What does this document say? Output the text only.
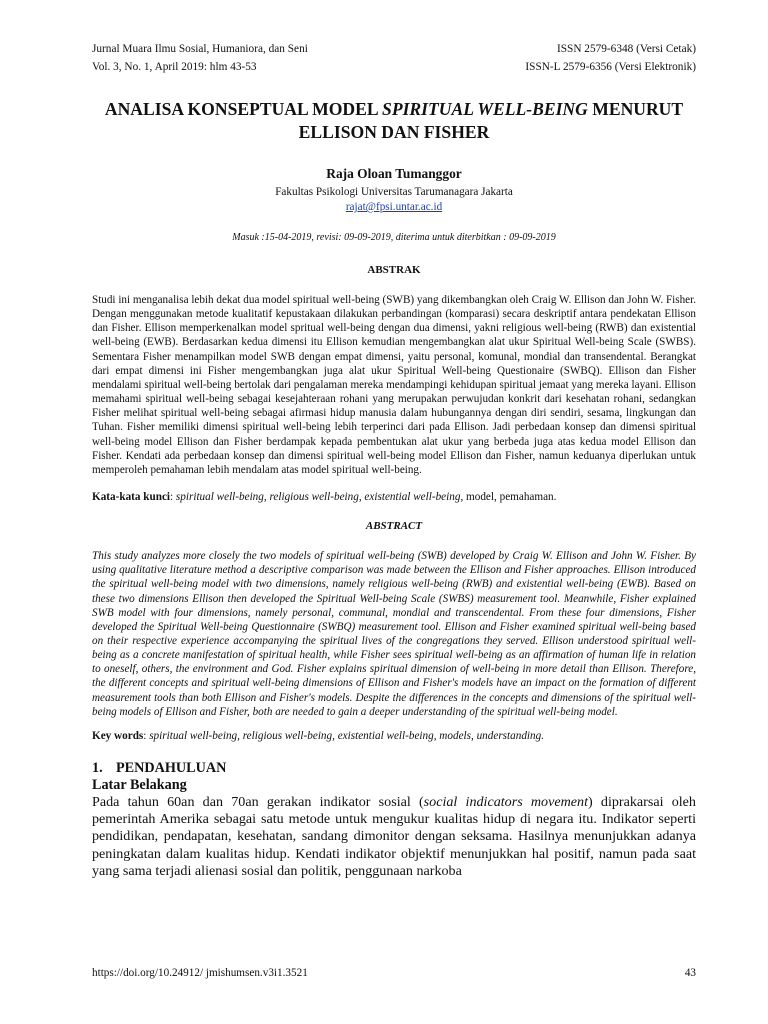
Jurnal Muara Ilmu Sosial, Humaniora, dan Seni	ISSN 2579-6348 (Versi Cetak)
Vol. 3, No. 1, April 2019: hlm 43-53	ISSN-L 2579-6356 (Versi Elektronik)
ANALISA KONSEPTUAL MODEL SPIRITUAL WELL-BEING MENURUT
ELLISON DAN FISHER
Raja Oloan Tumanggor
Fakultas Psikologi Universitas Tarumanagara Jakarta
rajat@fpsi.untar.ac.id
Masuk :15-04-2019, revisi: 09-09-2019, diterima untuk diterbitkan : 09-09-2019
ABSTRAK
Studi ini menganalisa lebih dekat dua model spiritual well-being (SWB) yang dikembangkan oleh Craig W. Ellison dan John W. Fisher. Dengan menggunakan metode kualitatif kepustakaan dilakukan perbandingan (komparasi) secara deskriptif antara pendekatan Ellison dan Fisher. Ellison memperkenalkan model spritual well-being dengan dua dimensi, yakni religious well-being (RWB) dan existential well-being (EWB). Berdasarkan kedua dimensi itu Ellison kemudian mengembangkan alat ukur Spiritual Well-being Scale (SWBS). Sementara Fisher menampilkan model SWB dengan empat dimensi, yaitu personal, komunal, mondial dan transendental. Berangkat dari empat dimensi ini Fisher mengembangkan juga alat ukur Spiritual Well-being Questionaire (SWBQ). Ellison dan Fisher mendalami spiritual well-being bertolak dari pengalaman mereka mendampingi kehidupan spiritual jemaat yang mereka layani. Ellison memahami spiritual well-being sebagai kesejahteraan rohani yang merupakan perwujudan konkrit dari kesehatan rohani, sedangkan Fisher melihat spiritual well-being sebagai afirmasi hidup manusia dalam hubungannya dengan diri sendiri, sesama, lingkungan dan Tuhan. Fisher memiliki dimensi spiritual well-being lebih terperinci dari pada Ellison. Jadi perbedaan konsep dan dimensi spiritual well-being model Ellison dan Fisher berdampak kepada pembentukan alat ukur yang berbeda juga atas kedua model Ellison dan Fisher. Kendati ada perbedaan konsep dan dimensi spiritual well-being model Ellison dan Fisher, namun keduanya diperlukan untuk memperoleh pemahaman lebih mendalam atas model spiritual well-being.
Kata-kata kunci: spiritual well-being, religious well-being, existential well-being, model, pemahaman.
ABSTRACT
This study analyzes more closely the two models of spiritual well-being (SWB) developed by Craig W. Ellison and John W. Fisher. By using qualitative literature method a descriptive comparison was made between the Ellison and Fisher approaches. Ellison introduced the spiritual well-being model with two dimensions, namely religious well-being (RWB) and existential well-being (EWB). Based on these two dimensions Ellison then developed the Spiritual Well-being Scale (SWBS) measurement tool. Meanwhile, Fisher explained SWB model with four dimensions, namely personal, communal, mondial and transcendental. From these four dimensions, Fisher developed the Spiritual Well-being Questionnaire (SWBQ) measurement tool. Ellison and Fisher examined spiritual well-being based on their respective experience accompanying the spiritual lives of the congregations they served. Ellison understood spiritual well-being as a concrete manifestation of spiritual health, while Fisher sees spiritual well-being as an affirmation of human life in relation to oneself, others, the environment and God. Fisher explains spiritual dimension of well-being in more detail than Ellison. Therefore, the different concepts and spiritual well-being dimensions of Ellison and Fisher's models have an impact on the formation of different measurement tools than both Ellison and Fisher's models. Despite the differences in the concepts and dimensions of the spiritual well-being models of Ellison and Fisher, both are needed to gain a deeper understanding of the spiritual well-being model.
Key words: spiritual well-being, religious well-being, existential well-being, models, understanding.
1. PENDAHULUAN
Latar Belakang
Pada tahun 60an dan 70an gerakan indikator sosial (social indicators movement) diprakarsai oleh pemerintah Amerika sebagai satu metode untuk mengukur kualitas hidup di negara itu. Indikator seperti pendidikan, pendapatan, kesehatan, sandang dimonitor dengan seksama. Hasilnya menunjukkan adanya peningkatan dalam kualitas hidup. Kendati indikator objektif menunjukkan hal positif, namun pada saat yang sama terjadi alienasi sosial dan politik, penggunaan narkoba
https://doi.org/10.24912/ jmishumsen.v3i1.3521	43
